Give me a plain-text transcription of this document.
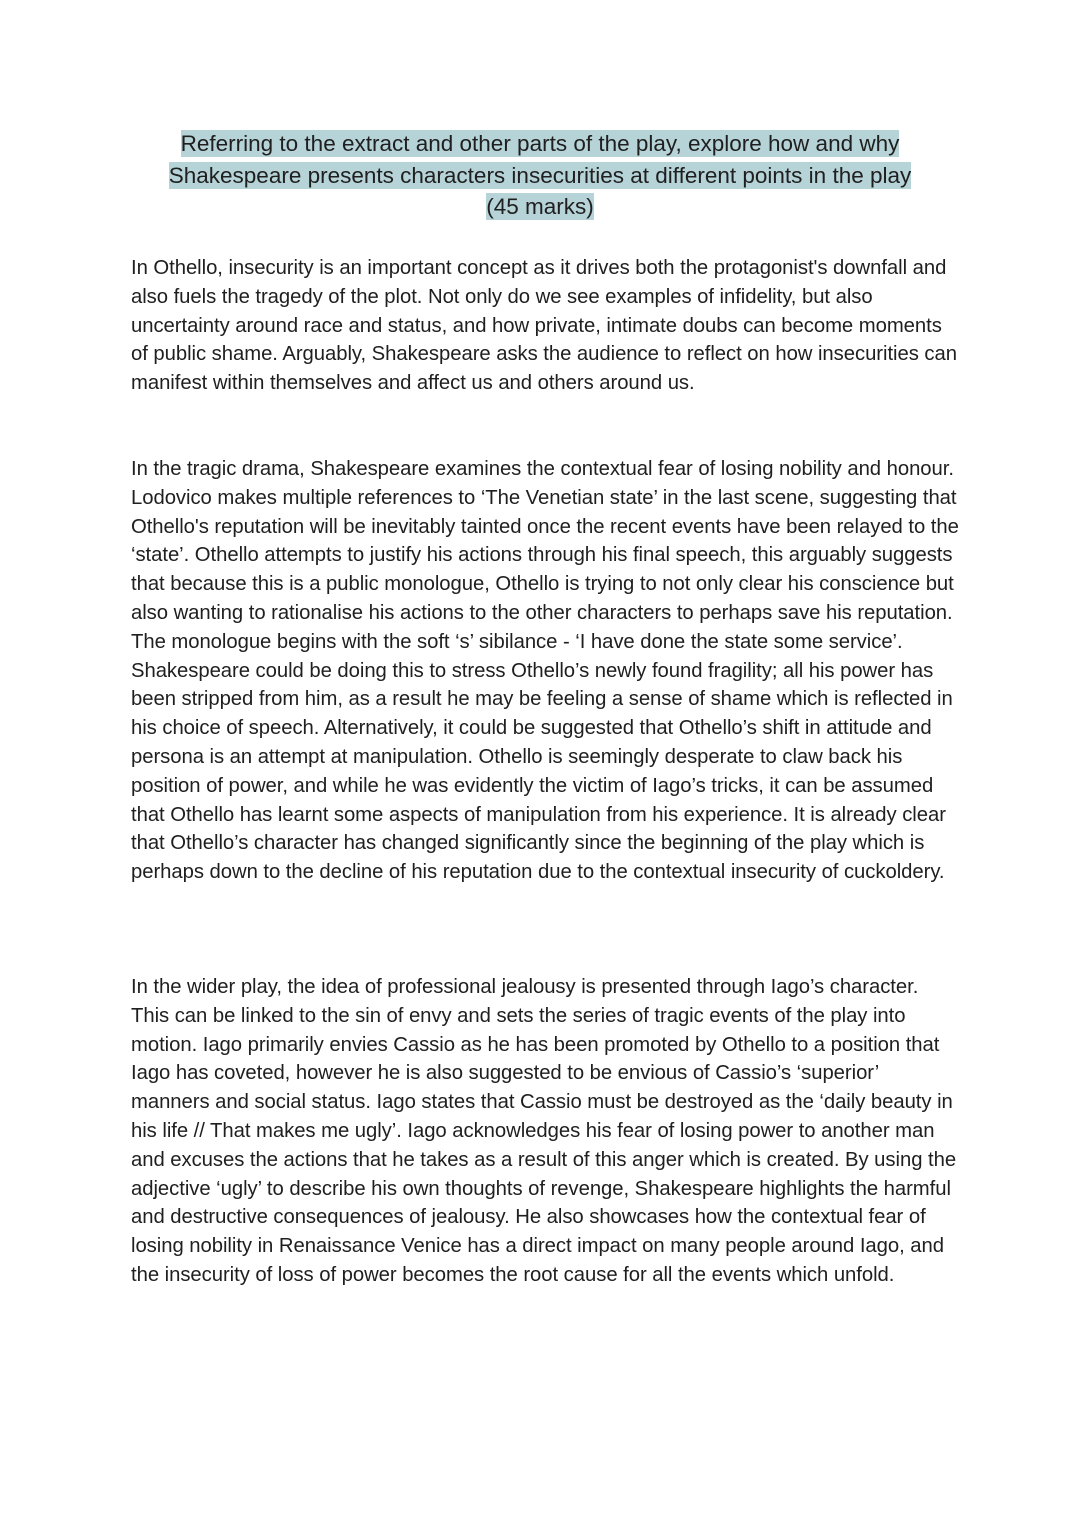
Referring to the extract and other parts of the play, explore how and why
Shakespeare presents characters insecurities at different points in the play
(45 marks)

In Othello, insecurity is an important concept as it drives both the protagonist's downfall and also fuels the tragedy of the plot. Not only do we see examples of infidelity, but also uncertainty around race and status, and how private, intimate doubs can become moments of public shame. Arguably, Shakespeare asks the audience to reflect on how insecurities can manifest within themselves and affect us and others around us.

In the tragic drama, Shakespeare examines the contextual fear of losing nobility and honour. Lodovico makes multiple references to ‘The Venetian state’ in the last scene, suggesting that Othello's reputation will be inevitably tainted once the recent events have been relayed to the ‘state’. Othello attempts to justify his actions through his final speech, this arguably suggests that because this is a public monologue, Othello is trying to not only clear his conscience but also wanting to rationalise his actions to the other characters to perhaps save his reputation. The monologue begins with the soft ‘s’ sibilance - ‘I have done the state some service’. Shakespeare could be doing this to stress Othello’s newly found fragility; all his power has been stripped from him, as a result he may be feeling a sense of shame which is reflected in his choice of speech. Alternatively, it could be suggested that Othello’s shift in attitude and persona is an attempt at manipulation. Othello is seemingly desperate to claw back his position of power, and while he was evidently the victim of Iago’s tricks, it can be assumed that Othello has learnt some aspects of manipulation from his experience. It is already clear that Othello’s character has changed significantly since the beginning of the play which is perhaps down to the decline of his reputation due to the contextual insecurity of cuckoldery.

In the wider play, the idea of professional jealousy is presented through Iago’s character. This can be linked to the sin of envy and sets the series of tragic events of the play into motion. Iago primarily envies Cassio as he has been promoted by Othello to a position that Iago has coveted, however he is also suggested to be envious of Cassio’s ‘superior’ manners and social status. Iago states that Cassio must be destroyed as the ‘daily beauty in his life // That makes me ugly’. Iago acknowledges his fear of losing power to another man and excuses the actions that he takes as a result of this anger which is created. By using the adjective ‘ugly’ to describe his own thoughts of revenge, Shakespeare highlights the harmful and destructive consequences of jealousy. He also showcases how the contextual fear of losing nobility in Renaissance Venice has a direct impact on many people around Iago, and the insecurity of loss of power becomes the root cause for all the events which unfold.
